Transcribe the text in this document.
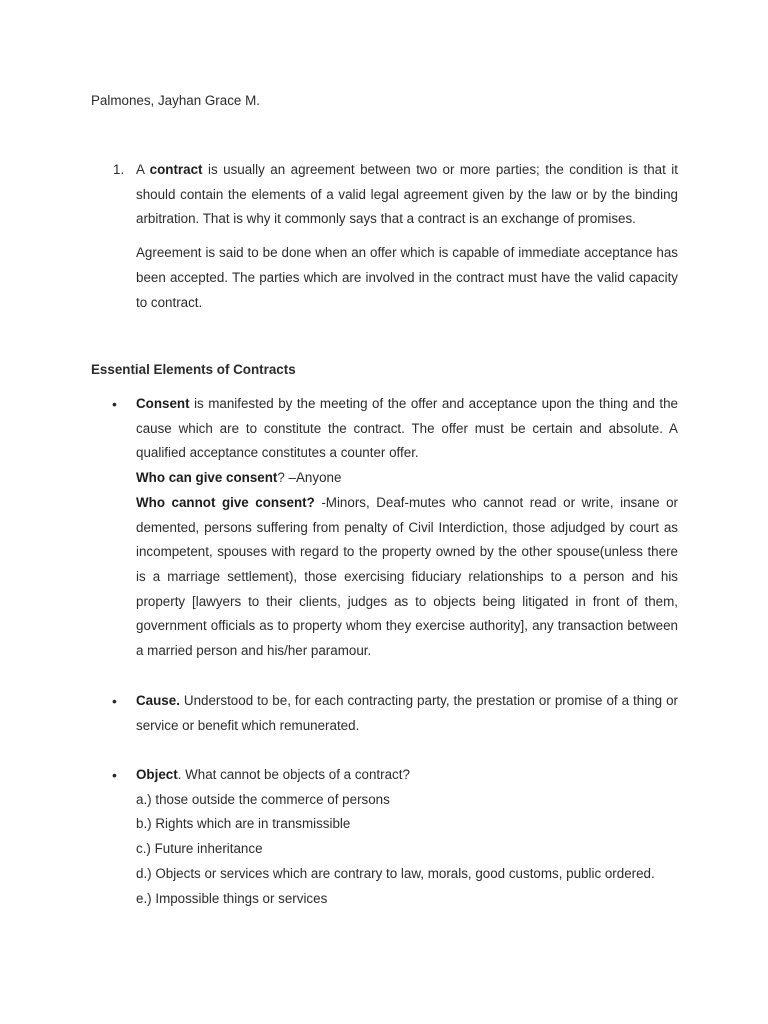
Palmones, Jayhan Grace M.
1. A contract is usually an agreement between two or more parties; the condition is that it should contain the elements of a valid legal agreement given by the law or by the binding arbitration. That is why it commonly says that a contract is an exchange of promises.

Agreement is said to be done when an offer which is capable of immediate acceptance has been accepted. The parties which are involved in the contract must have the valid capacity to contract.

Essential Elements of Contracts
• Consent is manifested by the meeting of the offer and acceptance upon the thing and the cause which are to constitute the contract. The offer must be certain and absolute. A qualified acceptance constitutes a counter offer.
Who can give consent? –Anyone
Who cannot give consent? -Minors, Deaf-mutes who cannot read or write, insane or demented, persons suffering from penalty of Civil Interdiction, those adjudged by court as incompetent, spouses with regard to the property owned by the other spouse(unless there is a marriage settlement), those exercising fiduciary relationships to a person and his property [lawyers to their clients, judges as to objects being litigated in front of them, government officials as to property whom they exercise authority], any transaction between a married person and his/her paramour.
• Cause. Understood to be, for each contracting party, the prestation or promise of a thing or service or benefit which remunerated.
• Object. What cannot be objects of a contract?
a.) those outside the commerce of persons
b.) Rights which are in transmissible
c.) Future inheritance
d.) Objects or services which are contrary to law, morals, good customs, public ordered.
e.) Impossible things or services
